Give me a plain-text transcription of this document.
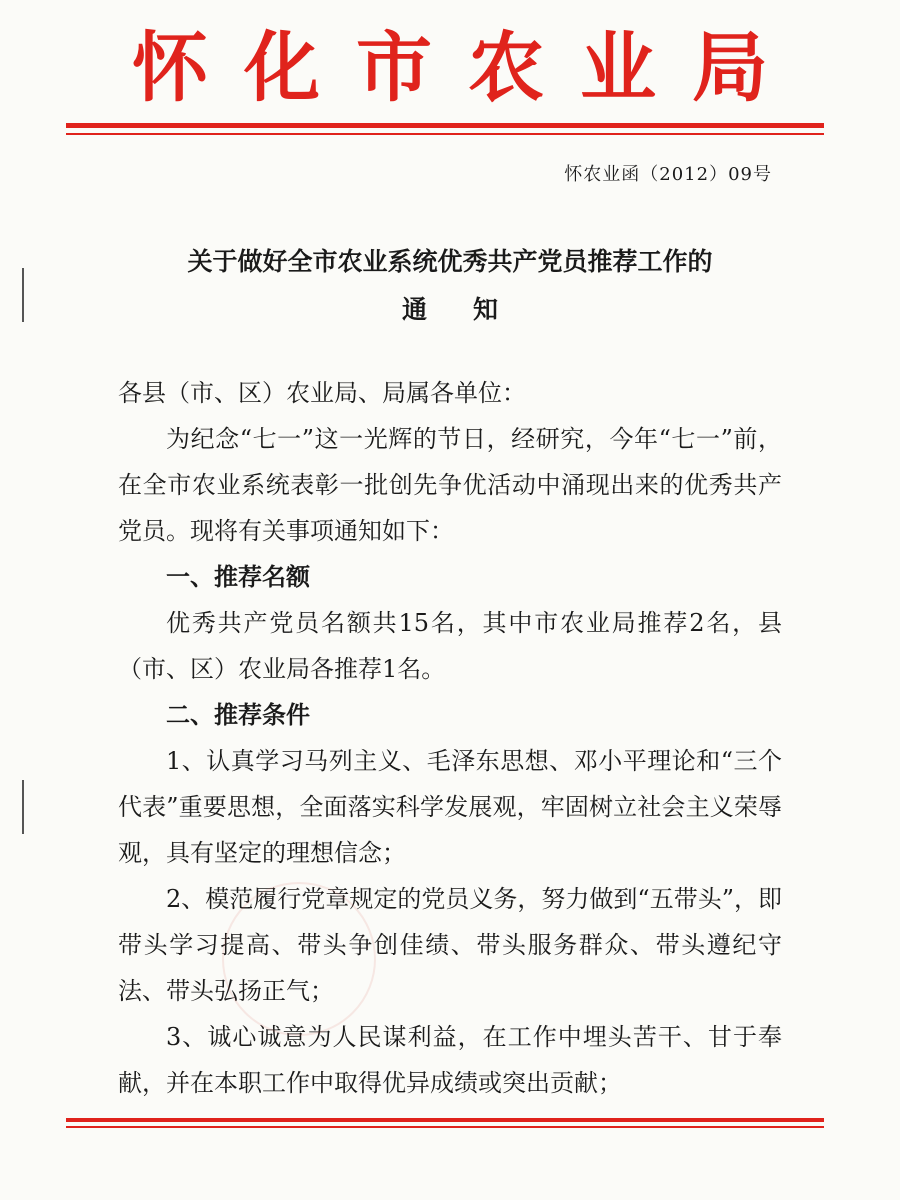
怀化市农业局
怀农业函（2012）09号
关于做好全市农业系统优秀共产党员推荐工作的
通知

各县（市、区）农业局、局属各单位：

为纪念“七一”这一光辉的节日，经研究，今年“七一”前，在全市农业系统表彰一批创先争优活动中涌现出来的优秀共产党员。现将有关事项通知如下：

一、推荐名额

优秀共产党员名额共15名，其中市农业局推荐2名，县（市、区）农业局各推荐1名。

二、推荐条件

1、认真学习马列主义、毛泽东思想、邓小平理论和“三个代表”重要思想，全面落实科学发展观，牢固树立社会主义荣辱观，具有坚定的理想信念；

2、模范履行党章规定的党员义务，努力做到“五带头”，即带头学习提高、带头争创佳绩、带头服务群众、带头遵纪守法、带头弘扬正气；

3、诚心诚意为人民谋利益，在工作中埋头苦干、甘于奉献，并在本职工作中取得优异成绩或突出贡献；
